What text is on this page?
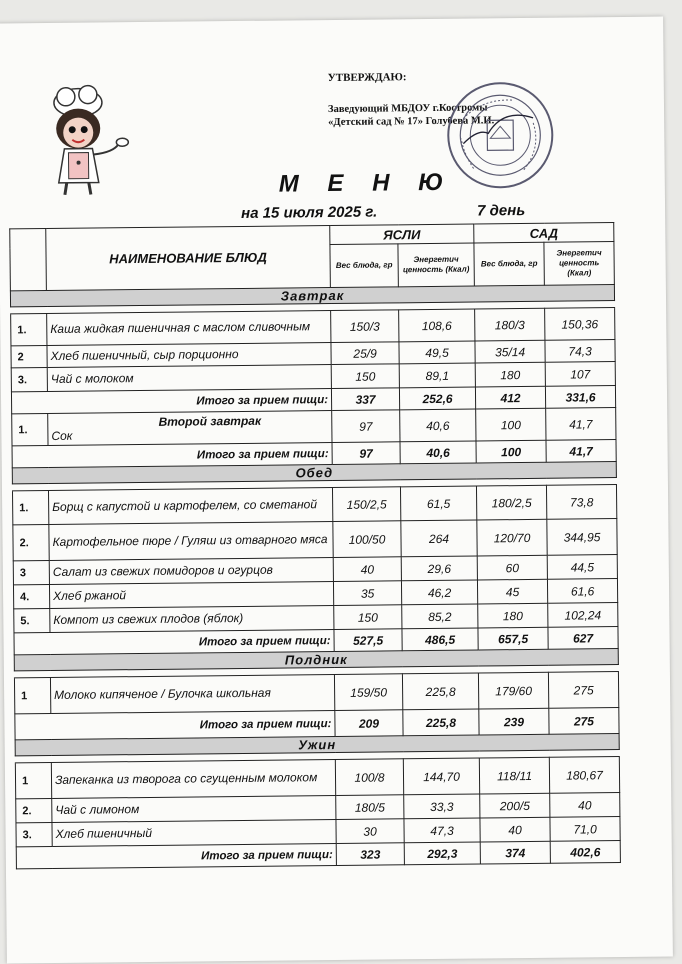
УТВЕРЖДАЮ:
Заведующий МБДОУ г.Костромы
«Детский сад № 17» Голубева М.И.
М Е Н Ю
на 15 июля 2025 г.	7 день
	НАИМЕНОВАНИЕ БЛЮД	ЯСЛИ		САД	
		Вес блюда, гр	Энергетич ценность (Ккал)	Вес блюда, гр	Энергетич ценность (Ккал)
Завтрак					

1.	Каша жидкая пшеничная с маслом сливочным	150/3	108,6	180/3	150,36
2	Хлеб пшеничный, сыр порционно	25/9	49,5	35/14	74,3
3.	Чай с молоком	150	89,1	180	107
Итого за прием пищи:		337	252,6	412	331,6
1.	Второй завтрак
Сок	97	40,6	100	41,7
Итого за прием пищи:		97	40,6	100	41,7
Обед					

1.	Борщ с капустой и картофелем, со сметаной	150/2,5	61,5	180/2,5	73,8
2.	Картофельное пюре / Гуляш из отварного мяса	100/50	264	120/70	344,95
3	Салат из свежих помидоров и огурцов	40	29,6	60	44,5
4.	Хлеб ржаной	35	46,2	45	61,6
5.	Компот из свежих плодов (яблок)	150	85,2	180	102,24
Итого за прием пищи:		527,5	486,5	657,5	627
Полдник					

1	Молоко кипяченое / Булочка школьная	159/50	225,8	179/60	275
Итого за прием пищи:		209	225,8	239	275
Ужин					

1	Запеканка из творога со сгущенным молоком	100/8	144,70	118/11	180,67
2.	Чай с лимоном	180/5	33,3	200/5	40
3.	Хлеб пшеничный	30	47,3	40	71,0
Итого за прием пищи:		323	292,3	374	402,6
